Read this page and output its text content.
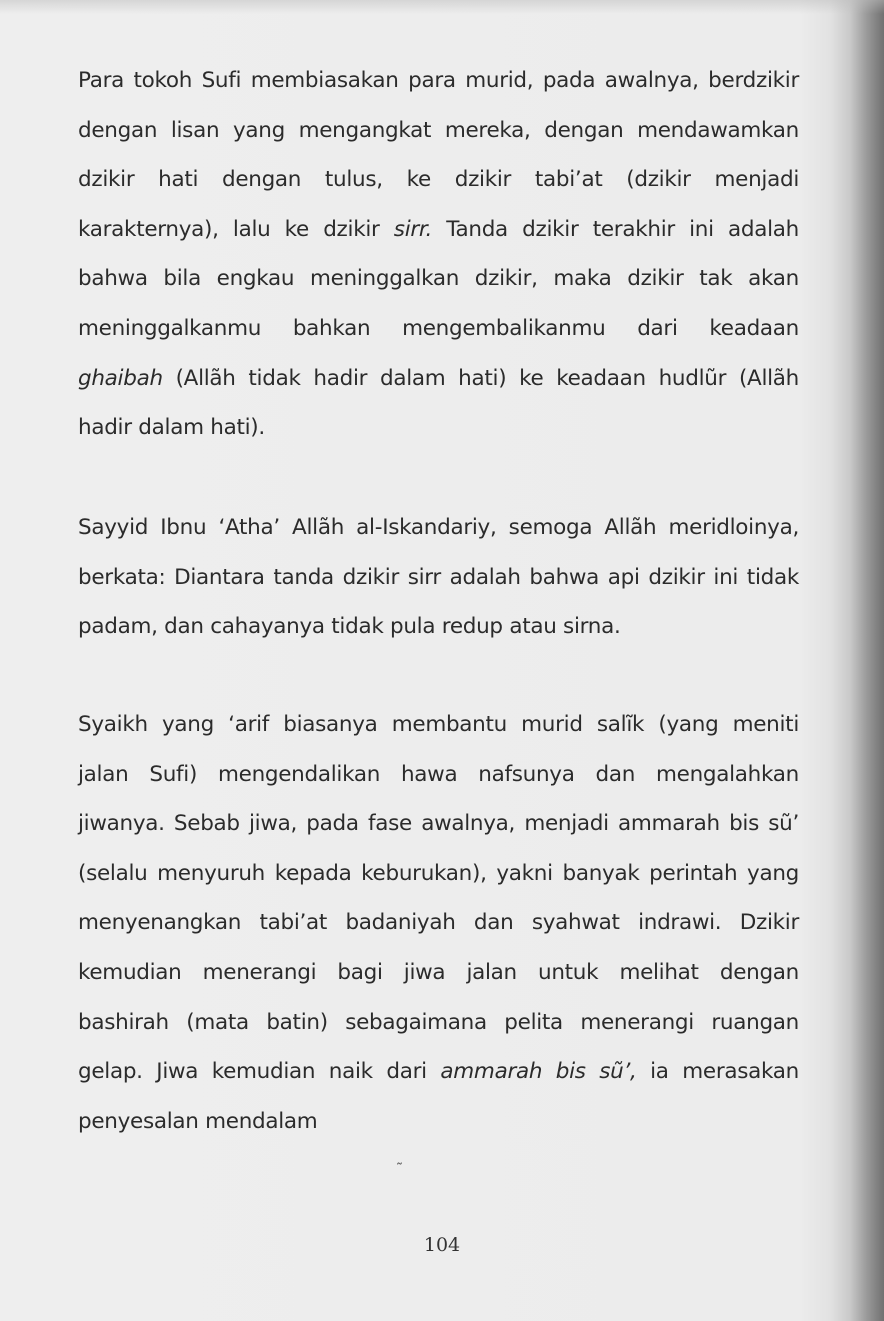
Para tokoh Sufi membiasakan para murid, pada awalnya, berdzikir
dengan lisan yang mengangkat mereka, dengan mendawamkan
dzikir hati dengan tulus, ke dzikir tabi’at (dzikir menjadi
karakternya), lalu ke dzikir sirr. Tanda dzikir terakhir ini adalah
bahwa bila engkau meninggalkan dzikir, maka dzikir tak akan
meninggalkanmu bahkan mengembalikanmu dari keadaan
ghaibah (Allãh tidak hadir dalam hati) ke keadaan hudlũr (Allãh
hadir dalam hati).
Sayyid Ibnu ‘Atha’ Allãh al-Iskandariy, semoga Allãh meridloinya,
berkata: Diantara tanda dzikir sirr adalah bahwa api dzikir ini tidak
padam, dan cahayanya tidak pula redup atau sirna.
Syaikh yang ‘arif biasanya membantu murid salĩk (yang meniti
jalan Sufi) mengendalikan hawa nafsunya dan mengalahkan
jiwanya. Sebab jiwa, pada fase awalnya, menjadi ammarah bis sũ’
(selalu menyuruh kepada keburukan), yakni banyak perintah yang
menyenangkan tabi’at badaniyah dan syahwat indrawi. Dzikir
kemudian menerangi bagi jiwa jalan untuk melihat dengan
bashirah (mata batin) sebagaimana pelita menerangi ruangan
gelap. Jiwa kemudian naik dari ammarah bis sũ’, ia merasakan
penyesalan mendalam
˷
104
